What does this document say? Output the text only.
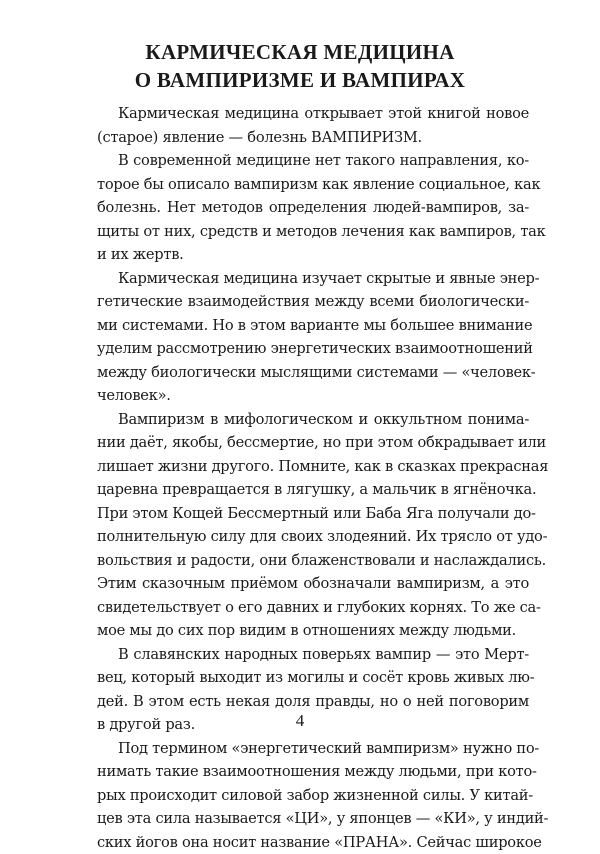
КАРМИЧЕСКАЯ МЕДИЦИНА
О ВАМПИРИЗМЕ И ВАМПИРАХ
Кармическая медицина открывает этой книгой новое
(старое) явление — болезнь ВАМПИРИЗМ.
В современной медицине нет такого направления, ко-
торое бы описало вампиризм как явление социальное, как
болезнь. Нет методов определения людей-вампиров, за-
щиты от них, средств и методов лечения как вампиров, так
и их жертв.
Кармическая медицина изучает скрытые и явные энер-
гетические взаимодействия между всеми биологически-
ми системами. Но в этом варианте мы большее внимание
уделим рассмотрению энергетических взаимоотношений
между биологически мыслящими системами — «человек-
человек».
Вампиризм в мифологическом и оккультном понима-
нии даёт, якобы, бессмертие, но при этом обкрадывает или
лишает жизни другого. Помните, как в сказках прекрасная
царевна превращается в лягушку, а мальчик в ягнёночка.
При этом Кощей Бессмертный или Баба Яга получали до-
полнительную силу для своих злодеяний. Их трясло от удо-
вольствия и радости, они блаженствовали и наслаждались.
Этим сказочным приёмом обозначали вампиризм, а это
свидетельствует о его давних и глубоких корнях. То же са-
мое мы до сих пор видим в отношениях между людьми.
В славянских народных поверьях вампир — это Мерт-
вец, который выходит из могилы и сосёт кровь живых лю-
дей. В этом есть некая доля правды, но о ней поговорим
в другой раз.
Под термином «энергетический вампиризм» нужно по-
нимать такие взаимоотношения между людьми, при кото-
рых происходит силовой забор жизненной силы. У китай-
цев эта сила называется «ЦИ», у японцев — «КИ», у индий-
ских йогов она носит название «ПРАНА». Сейчас широкое
4
